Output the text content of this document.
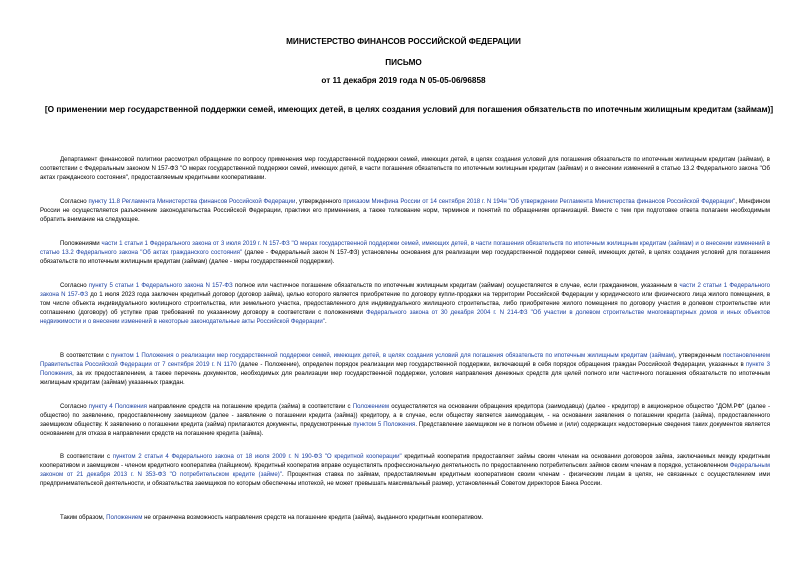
МИНИСТЕРСТВО ФИНАНСОВ РОССИЙСКОЙ ФЕДЕРАЦИИ
ПИСЬМО
от 11 декабря 2019 года N 05-05-06/96858
[О применении мер государственной поддержки семей, имеющих детей, в целях создания условий для погашения обязательств по ипотечным жилищным кредитам (займам)]
Департамент финансовой политики рассмотрел обращение по вопросу применения мер государственной поддержки семей, имеющих детей, в целях создания условий для погашения обязательств по ипотечным жилищным кредитам (займам), в соответствии с Федеральным законом N 157-ФЗ "О мерах государственной поддержки семей, имеющих детей, в части погашения обязательств по ипотечным жилищным кредитам (займам) и о внесении изменений в статью 13.2 Федерального закона "Об актах гражданского состояния", предоставляемым кредитными кооперативами.
Согласно пункту 11.8 Регламента Министерства финансов Российской Федерации, утвержденного приказом Минфина России от 14 сентября 2018 г. N 194н "Об утверждении Регламента Министерства финансов Российской Федерации", Минфином России не осуществляется разъяснение законодательства Российской Федерации, практики его применения, а также толкование норм, терминов и понятий по обращениям организаций. Вместе с тем при подготовке ответа полагаем необходимым обратить внимание на следующее.
Положениями части 1 статьи 1 Федерального закона от 3 июля 2019 г. N 157-ФЗ "О мерах государственной поддержки семей, имеющих детей, в части погашения обязательств по ипотечным жилищным кредитам (займам) и о внесении изменений в статью 13.2 Федерального закона "Об актах гражданского состояния" (далее - Федеральный закон N 157-ФЗ) установлены основания для реализации мер государственной поддержки семей, имеющих детей, в целях создания условий для погашения обязательств по ипотечным жилищным кредитам (займам) (далее - меры государственной поддержки).
Согласно пункту 5 статьи 1 Федерального закона N 157-ФЗ полное или частичное погашение обязательств по ипотечным жилищным кредитам (займам) осуществляется в случае, если гражданином, указанным в части 2 статьи 1 Федерального закона N 157-ФЗ до 1 июля 2023 года заключен кредитный договор (договор займа), целью которого является приобретение по договору купли-продажи на территории Российской Федерации у юридического или физического лица жилого помещения, в том числе объекта индивидуального жилищного строительства, или земельного участка, предоставленного для индивидуального жилищного строительства, либо приобретение жилого помещения по договору участия в долевом строительстве или соглашению (договору) об уступке прав требований по указанному договору в соответствии с положениями Федерального закона от 30 декабря 2004 г. N 214-ФЗ "Об участии в долевом строительстве многоквартирных домов и иных объектов недвижимости и о внесении изменений в некоторые законодательные акты Российской Федерации".
В соответствии с пунктом 1 Положения о реализации мер государственной поддержки семей, имеющих детей, в целях создания условий для погашения обязательств по ипотечным жилищным кредитам (займам), утвержденным постановлением Правительства Российской Федерации от 7 сентября 2019 г. N 1170 (далее - Положение), определен порядок реализации мер государственной поддержки, включающий в себя порядок обращения граждан Российской Федерации, указанных в пункте 3 Положения, за их предоставлением, а также перечень документов, необходимых для реализации мер государственной поддержки, условия направления денежных средств для целей полного или частичного погашения обязательств по ипотечным жилищным кредитам (займам) указанных граждан.
Согласно пункту 4 Положения направление средств на погашение кредита (займа) в соответствии с Положением осуществляется на основании обращения кредитора (заимодавца) (далее - кредитор) в акционерное общество "ДОМ.РФ" (далее - общество) по заявлению, предоставленному заемщиком (далее - заявление о погашении кредита (займа)) кредитору, а в случае, если обществу является заимодавцем, - на основании заявления о погашении кредита (займа), предоставленного заемщиком обществу. К заявлению о погашении кредита (займа) прилагаются документы, предусмотренные пунктом 5 Положения. Представление заемщиком не в полном объеме и (или) содержащих недостоверные сведения таких документов является основанием для отказа в направлении средств на погашение кредита (займа).
В соответствии с пунктом 2 статьи 4 Федерального закона от 18 июля 2009 г. N 190-ФЗ "О кредитной кооперации" кредитный кооператив предоставляет займы своим членам на основании договоров займа, заключаемых между кредитным кооперативом и заемщиком - членом кредитного кооператива (пайщиком). Кредитный кооператив вправе осуществлять профессиональную деятельность по предоставлению потребительских займов своим членам в порядке, установленном Федеральным законом от 21 декабря 2013 г. N 353-ФЗ "О потребительском кредите (займе)". Процентная ставка по займам, предоставляемым кредитным кооперативом своим членам - физическим лицам в целях, не связанных с осуществлением ими предпринимательской деятельности, и обязательства заемщиков по которым обеспечены ипотекой, не может превышать максимальный размер, установленный Советом директоров Банка России.
Таким образом, Положением не ограничена возможность направления средств на погашение кредита (займа), выданного кредитным кооперативом.
